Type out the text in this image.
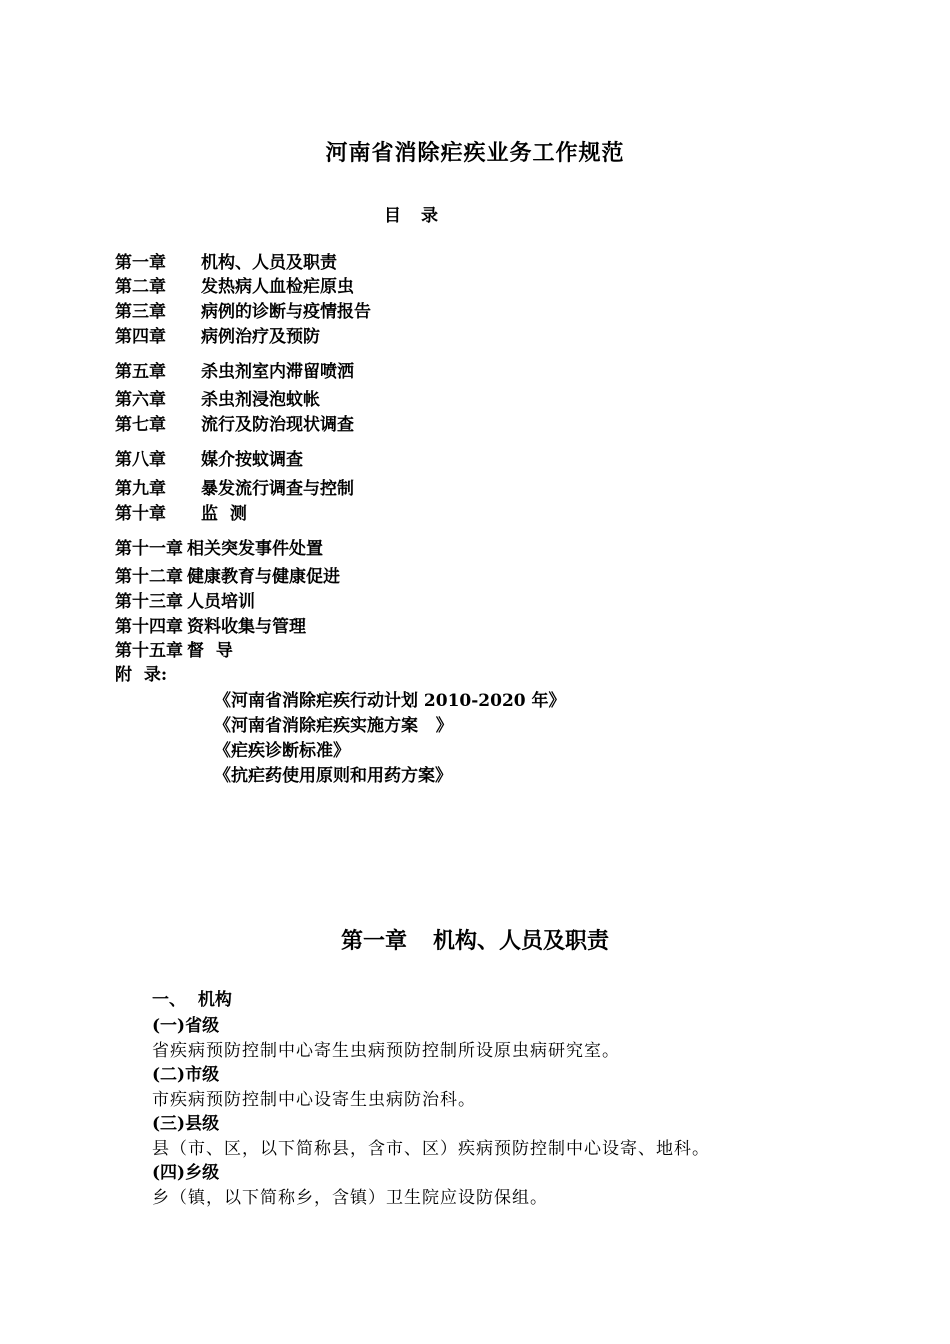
河南省消除疟疾业务工作规范
目 录
第一章 机构、人员及职责
第二章 发热病人血检疟原虫
第三章 病例的诊断与疫情报告
第四章 病例治疗及预防
第五章 杀虫剂室内滞留喷洒
第六章 杀虫剂浸泡蚊帐
第七章 流行及防治现状调查
第八章 媒介按蚊调查
第九章 暴发流行调查与控制
第十章 监  测
第十一章 相关突发事件处置
第十二章 健康教育与健康促进
第十三章 人员培训
第十四章 资料收集与管理
第十五章 督  导
附  录:
《河南省消除疟疾行动计划 2010-2020 年》
《河南省消除疟疾实施方案   》
《疟疾诊断标准》
《抗疟药使用原则和用药方案》
第一章 机构、人员及职责
一、  机构
(一)省级
省疾病预防控制中心寄生虫病预防控制所设原虫病研究室。
(二)市级
市疾病预防控制中心设寄生虫病防治科。
(三)县级
县（市、区，以下简称县，含市、区）疾病预防控制中心设寄、地科。
(四)乡级
乡（镇，以下简称乡，含镇）卫生院应设防保组。
